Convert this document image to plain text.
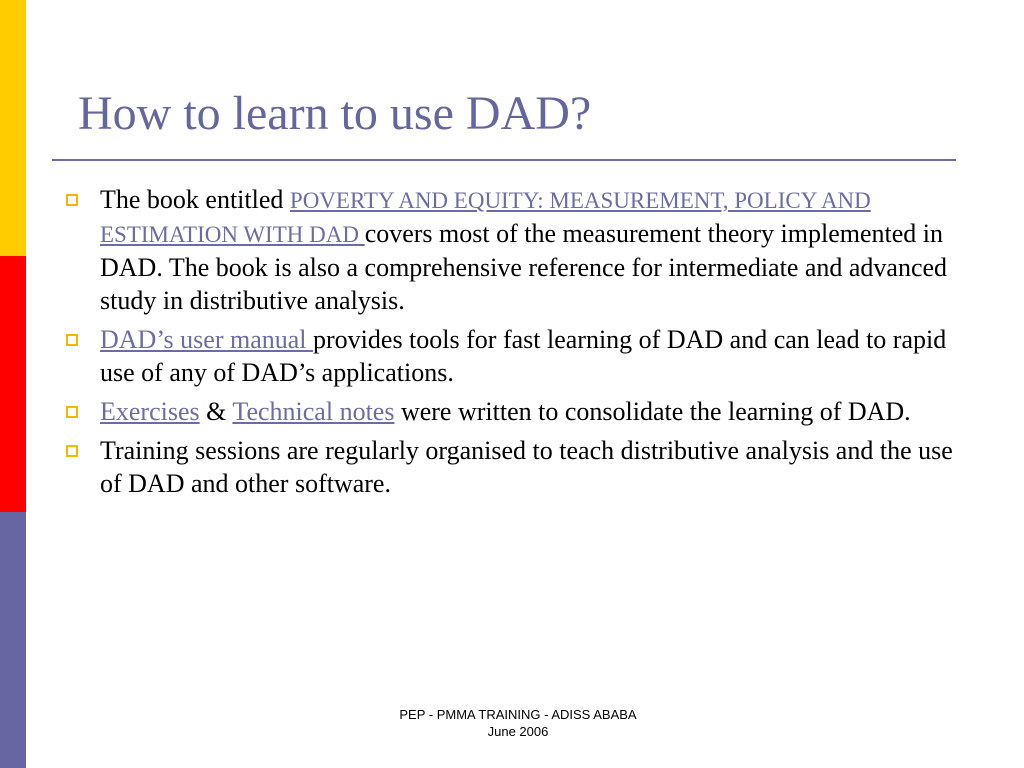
How to learn to use DAD?
The book entitled POVERTY AND EQUITY: MEASUREMENT, POLICY AND ESTIMATION WITH DAD covers most of the measurement theory implemented in DAD. The book is also a comprehensive reference for intermediate and advanced study in distributive analysis.
DAD’s user manual provides tools for fast learning of DAD and can lead to rapid use of any of DAD’s applications.
Exercises & Technical notes were written to consolidate the learning of DAD.
Training sessions are regularly organised to teach distributive analysis and the use of DAD and other software.
PEP - PMMA TRAINING - ADISS ABABA
June 2006
